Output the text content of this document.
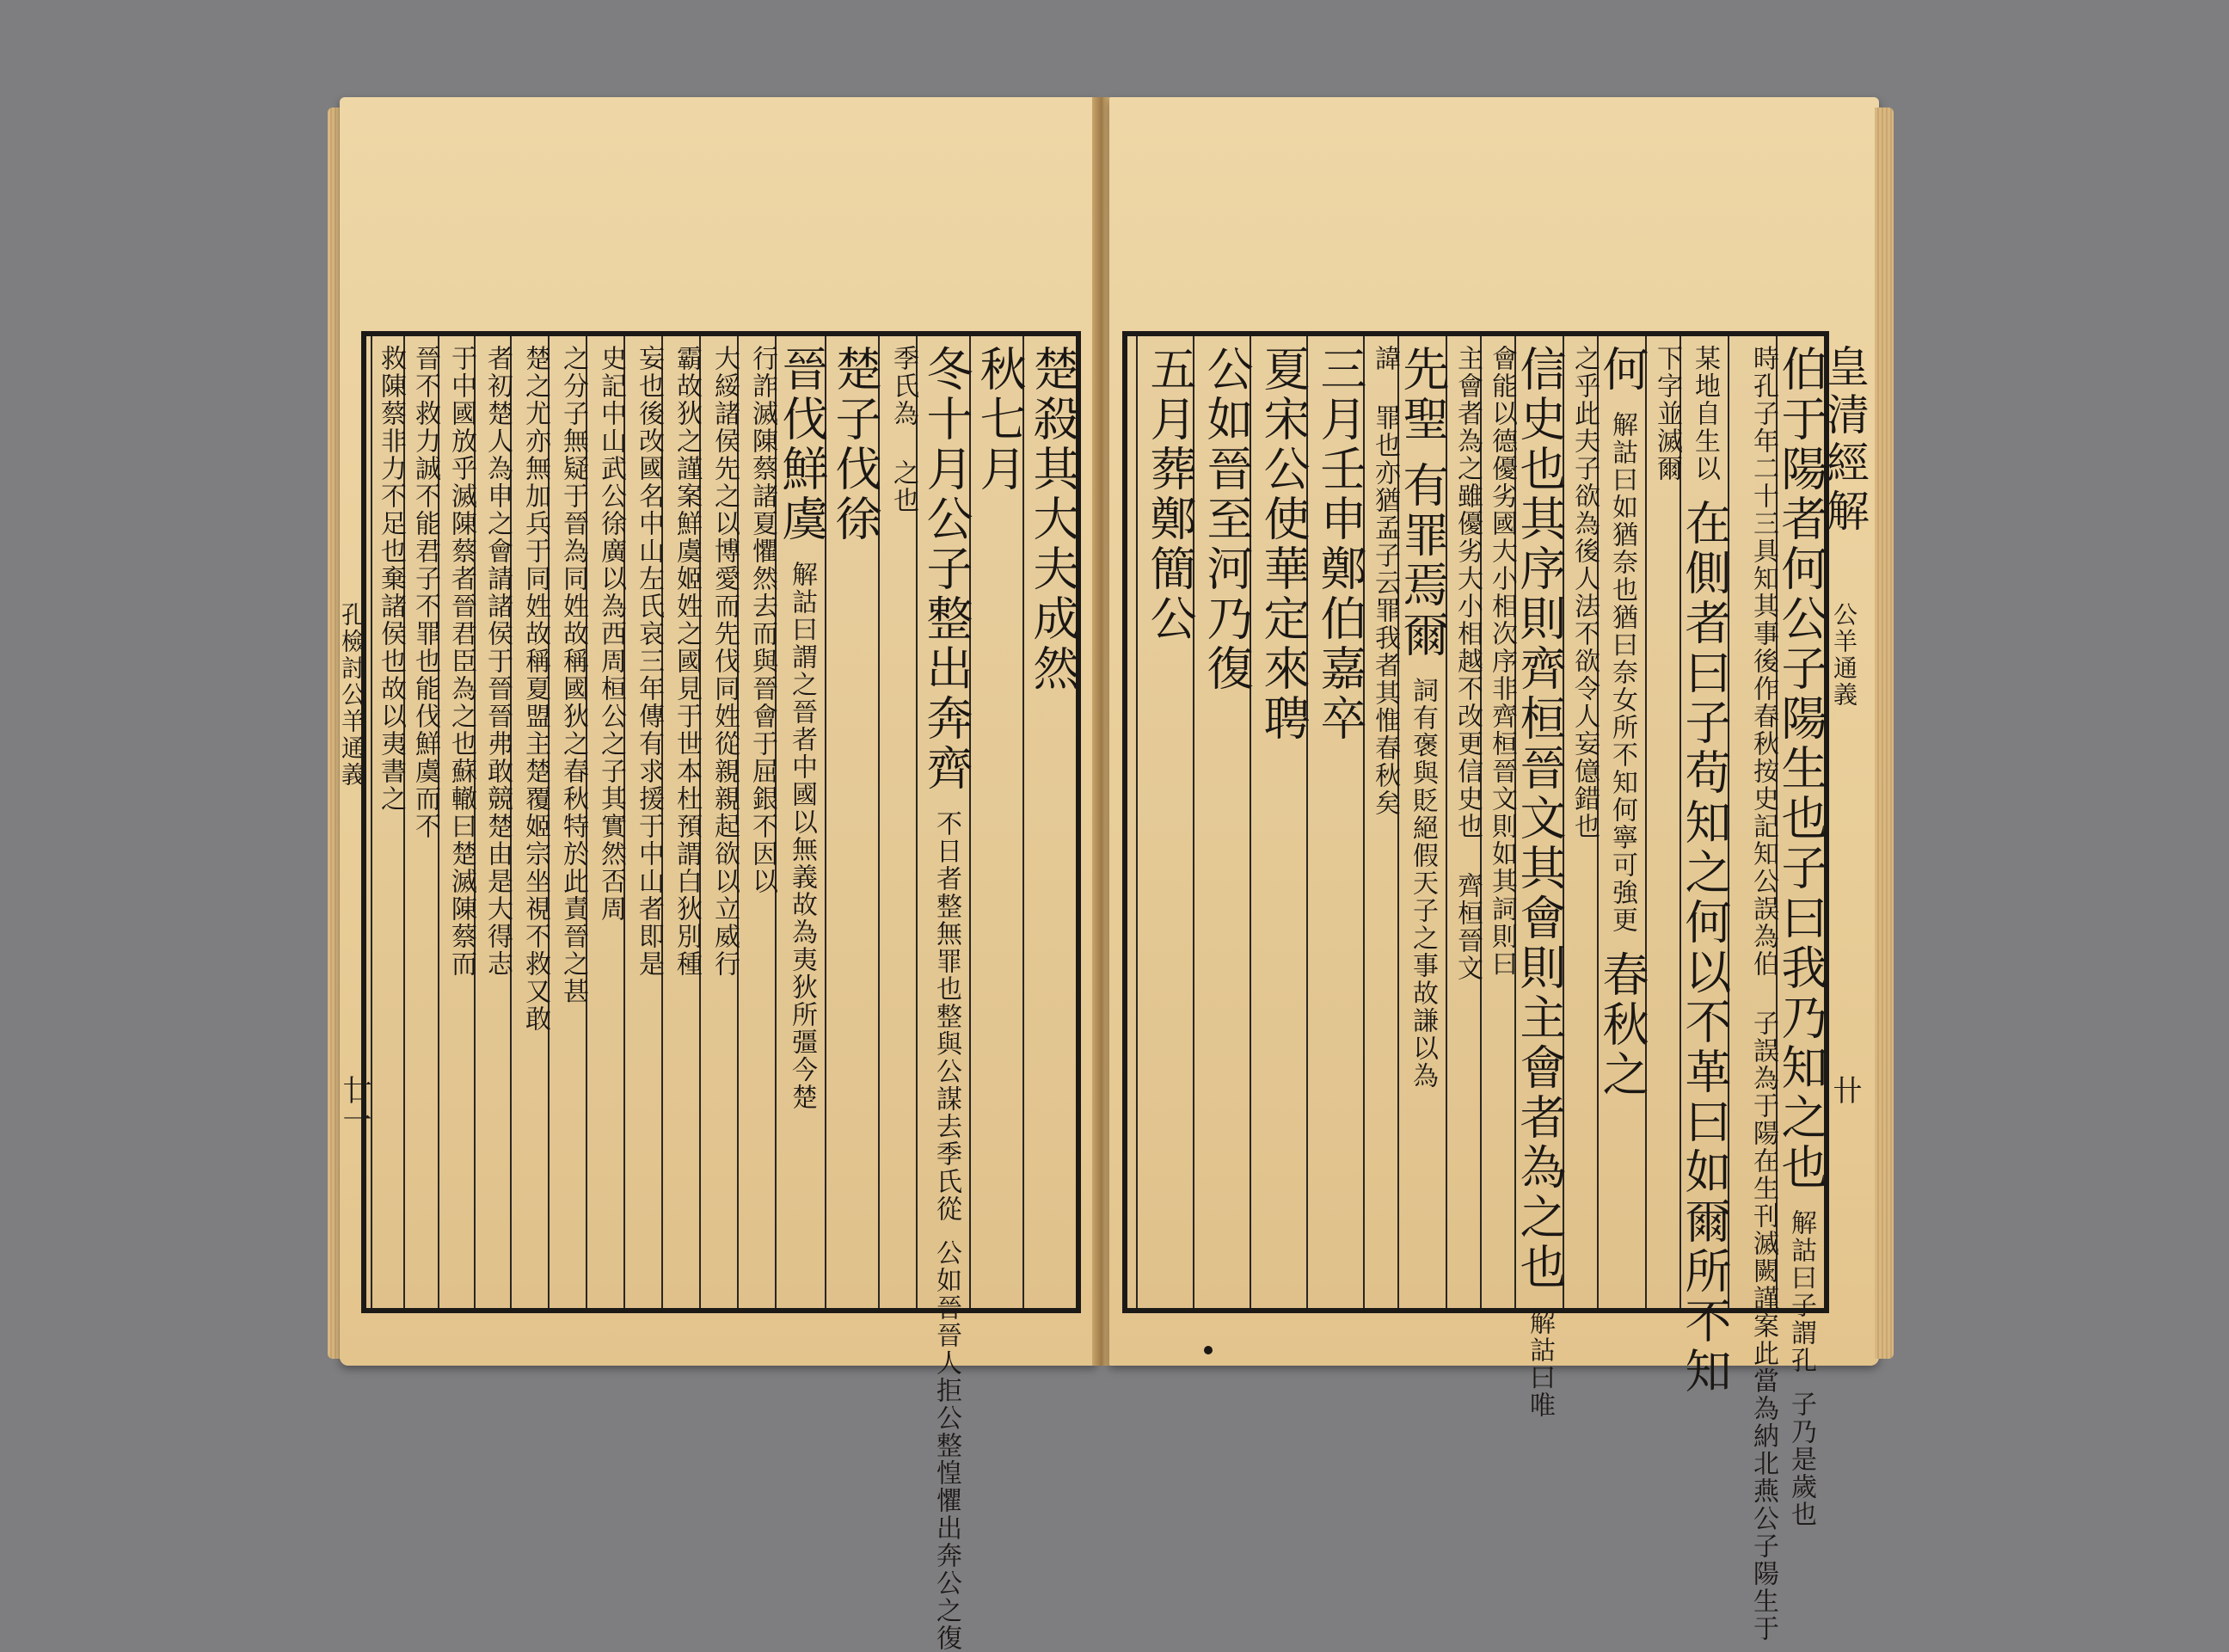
皇清經解
公羊通義
卄
孔檢討公羊通義
廿一	伯于陽者何公子陽生也子曰我乃知之也 解詁曰子謂孔 子乃是歲也
時孔子年二十三具知其事後作春秋按史記知公誤為伯 子誤為于陽在生刊滅闕謹案此當為納北燕公子陽生于
某地自生以 在側者曰子苟知之何以不革曰如爾所不知
下字並滅爾
何 解詁曰如猶奈也猶曰奈女所不知何寧可強更 春秋之
之乎此夫子欲為後人法不欲令人妄億錯也
信史也其序則齊桓晉文其會則主會者為之也 解詁曰唯
會能以德優劣國大小相次序非齊桓晉文則如其詞則曰
主會者為之雖優劣大小相越不改更信史也 齊桓晉文
先聖 有罪焉爾 詞有褒與貶絕假天子之事故謙以為
諱 罪也亦猶孟子云罪我者其惟春秋矣
三月壬申鄭伯嘉卒
夏宋公使華定來聘
公如晉至河乃復
五月葬鄭簡公
楚殺其大夫成然
秋七月
冬十月公子整出奔齊 不日者整無罪也整與公謀去季氏從 公如晉晉人拒公整惶懼出奔公之復
季氏為 之也
楚子伐徐
晉伐鮮虞 解詁曰謂之晉者中國以無義故為夷狄所彊今楚
行詐滅陳蔡諸夏懼然去而與晉會于屈銀不因以
大綏諸侯先之以博愛而先伐同姓從親親起欲以立威行
霸故狄之謹案鮮虞姬姓之國見于世本杜預謂白狄別種
妄也後改國名中山左氏哀三年傳有求援于中山者即是
史記中山武公徐廣以為西周桓公之子其實然否周
之分子無疑于晉為同姓故稱國狄之春秋特於此責晉之甚
楚之尤亦無加兵于同姓故稱夏盟主楚覆姬宗坐視不救又敢
者初楚人為申之會請諸侯于晉晉弗敢競楚由是大得志
于中國放乎滅陳蔡者晉君臣為之也蘇轍曰楚滅陳蔡而
晉不救力誠不能君子不罪也能伐鮮虞而不
救陳蔡非力不足也棄諸侯也故以夷書之
